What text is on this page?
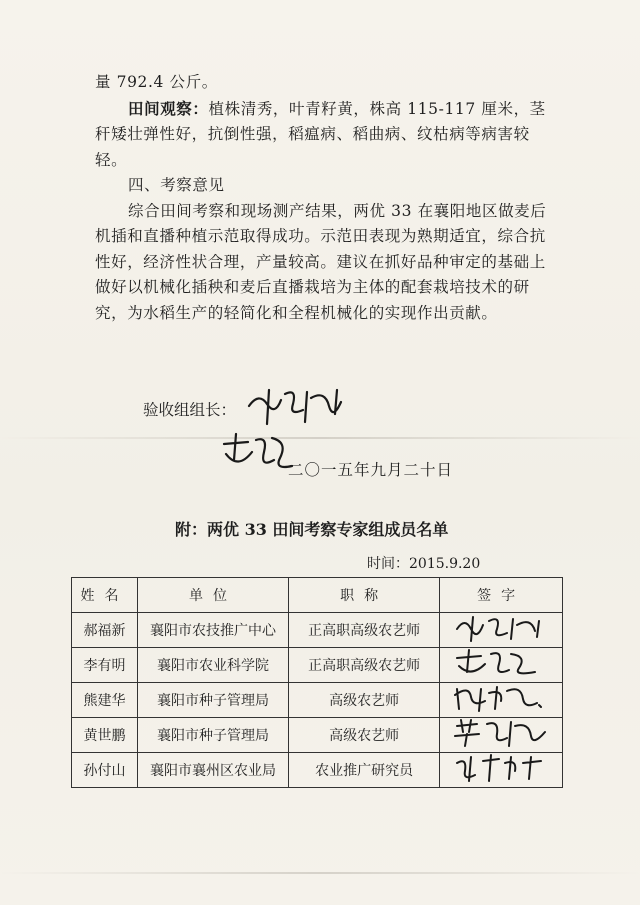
量 792.4 公斤。

田间观察：植株清秀，叶青籽黄，株高 115-117 厘米，茎秆矮壮弹性好，抗倒性强，稻瘟病、稻曲病、纹枯病等病害较轻。

四、考察意见

综合田间考察和现场测产结果，两优 33 在襄阳地区做麦后机插和直播种植示范取得成功。示范田表现为熟期适宜，综合抗性好，经济性状合理，产量较高。建议在抓好品种审定的基础上做好以机械化插秧和麦后直播栽培为主体的配套栽培技术的研究，为水稻生产的轻简化和全程机械化的实现作出贡献。

验收组组长：
二〇一五年九月二十日
附：两优 33 田间考察专家组成员名单
时间：2015.9.20
姓名	单位	职称	签字
郝福新	襄阳市农技推广中心	正高职高级农艺师	
李有明	襄阳市农业科学院	正高职高级农艺师	
熊建华	襄阳市种子管理局	高级农艺师	
黄世鹏	襄阳市种子管理局	高级农艺师	
孙付山	襄阳市襄州区农业局	农业推广研究员	
